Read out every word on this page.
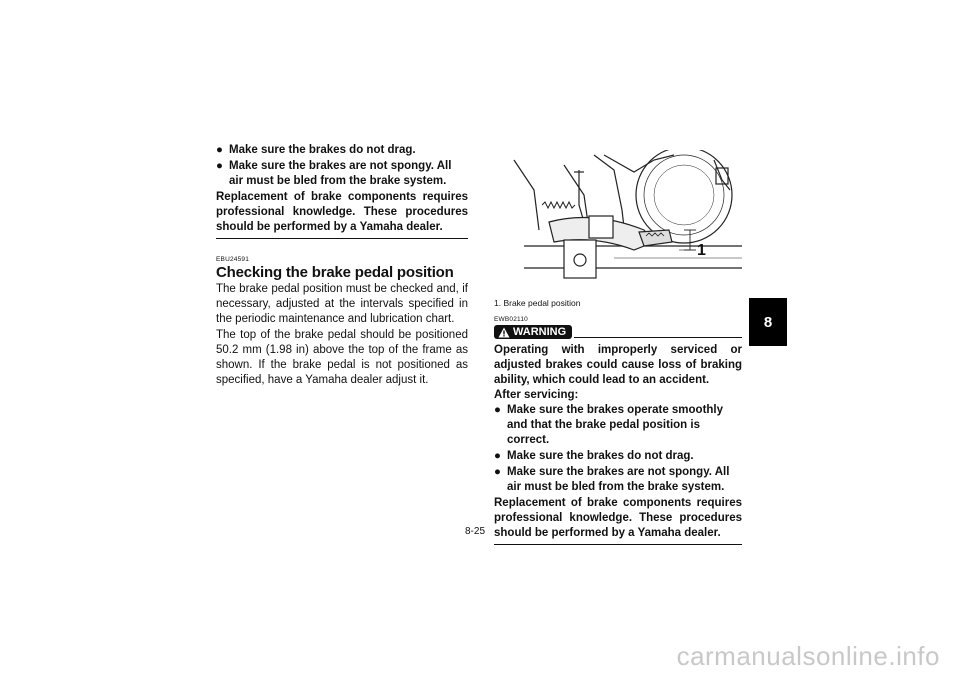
● Make sure the brakes do not drag.
● Make sure the brakes are not spongy. All air must be bled from the brake system.

Replacement of brake components requires professional knowledge. These procedures should be performed by a Yamaha dealer.

EBU24591

Checking the brake pedal position

The brake pedal position must be checked and, if necessary, adjusted at the intervals specified in the periodic maintenance and lubrication chart.

The top of the brake pedal should be positioned 50.2 mm (1.98 in) above the top of the frame as shown. If the brake pedal is not positioned as specified, have a Yamaha dealer adjust it.

1

1. Brake pedal position

EWB02110

WARNING

Operating with improperly serviced or adjusted brakes could cause loss of braking ability, which could lead to an accident.

After servicing:

● Make sure the brakes operate smoothly and that the brake pedal position is correct.
● Make sure the brakes do not drag.
● Make sure the brakes are not spongy. All air must be bled from the brake system.

Replacement of brake components requires professional knowledge. These procedures should be performed by a Yamaha dealer.

8-25
8
carmanualsonline.info
